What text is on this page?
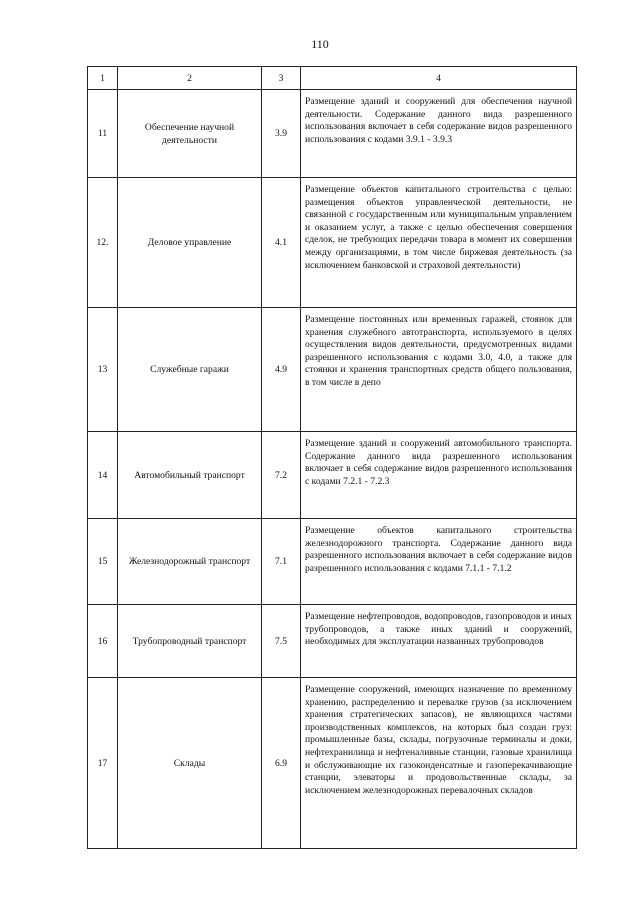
110
1	2	3	4
11	Обеспечение научной деятельности	3.9	Размещение зданий и сооружений для обеспечения научной деятельности. Содержание данного вида разрешенного использования включает в себя содержание видов разрешенного использования с кодами 3.9.1 - 3.9.3
12.	Деловое управление	4.1	Размещение объектов капитального строительства с целью: размещения объектов управленческой деятельности, не связанной с государственным или муниципальным управлением и оказанием услуг, а также с целью обеспечения совершения сделок, не требующих передачи товара в момент их совершения между организациями, в том числе биржевая деятельность (за исключением банковской и страховой деятельности)
13	Служебные гаражи	4.9	Размещение постоянных или временных гаражей, стоянок для хранения служебного автотранспорта, используемого в целях осуществления видов деятельности, предусмотренных видами разрешенного использования с кодами 3.0, 4.0, а также для стоянки и хранения транспортных средств общего пользования, в том числе в депо
14	Автомобильный транспорт	7.2	Размещение зданий и сооружений автомобильного транспорта. Содержание данного вида разрешенного использования включает в себя содержание видов разрешенного использования с кодами 7.2.1 - 7.2.3
15	Железнодорожный транспорт	7.1	Размещение объектов капитального строительства железнодорожного транспорта. Содержание данного вида разрешенного использования включает в себя содержание видов разрешенного использования с кодами 7.1.1 - 7.1.2
16	Трубопроводный транспорт	7.5	Размещение нефтепроводов, водопроводов, газопроводов и иных трубопроводов, а также иных зданий и сооружений, необходимых для эксплуатации названных трубопроводов
17	Склады	6.9	Размещение сооружений, имеющих назначение по временному хранению, распределению и перевалке грузов (за исключением хранения стратегических запасов), не являющихся частями производственных комплексов, на которых был создан груз: промышленные базы, склады, погрузочные терминалы и доки, нефтехранилища и нефтеналивные станции, газовые хранилища и обслуживающие их газоконденсатные и газоперекачивающие станции, элеваторы и продовольственные склады, за исключением железнодорожных перевалочных складов
